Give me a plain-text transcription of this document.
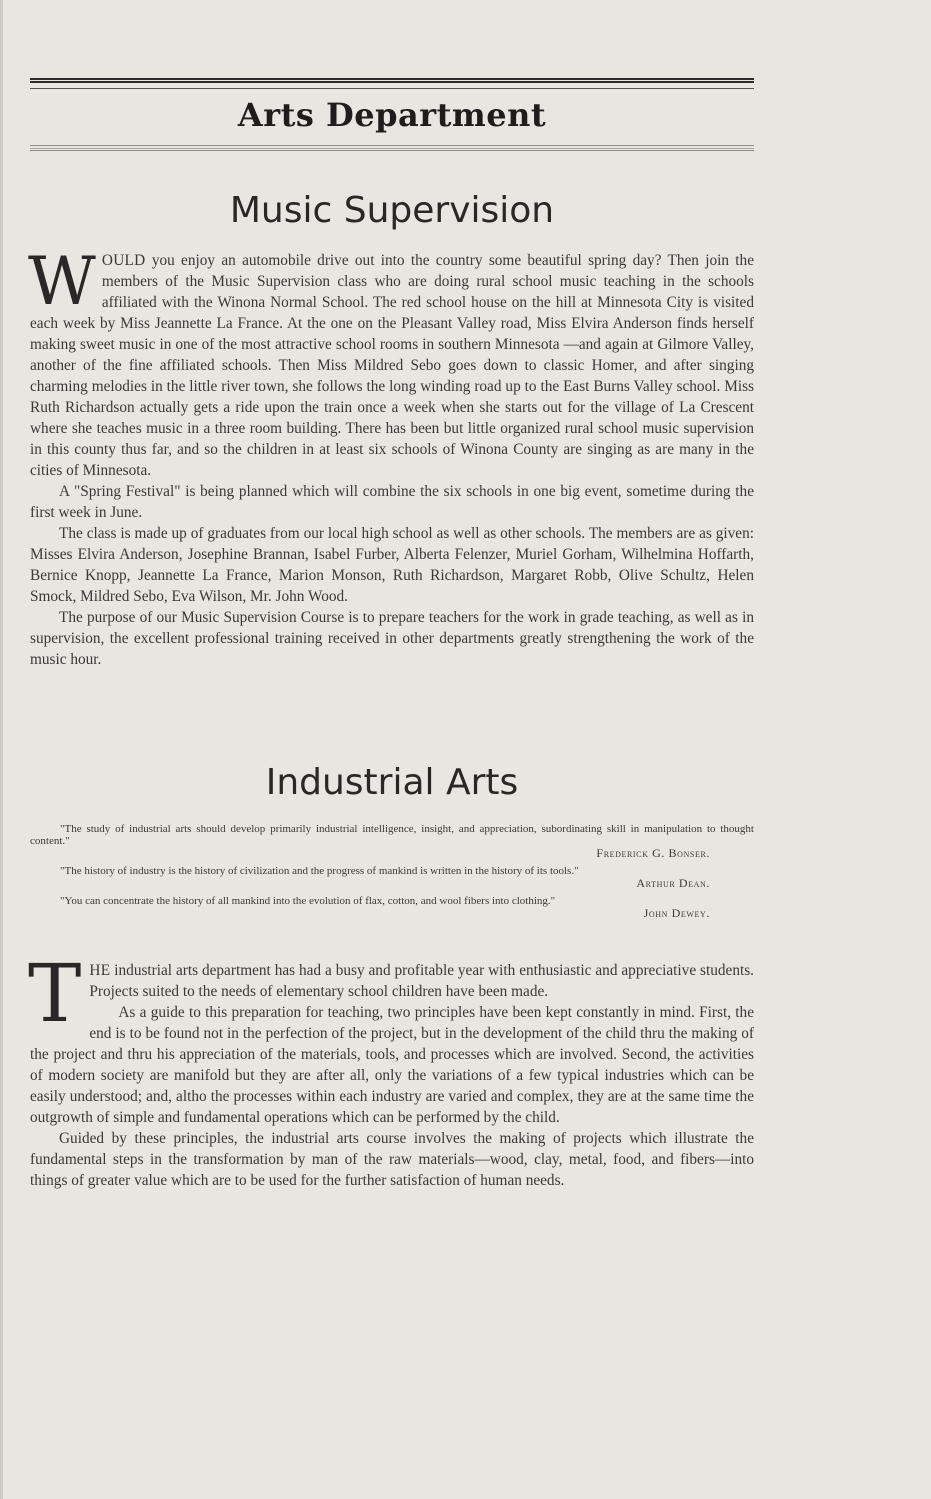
Arts Department
Music Supervision

WOULD you enjoy an automobile drive out into the country some beautiful spring day? Then join the members of the Music Supervision class who are doing rural school music teaching in the schools affiliated with the Winona Normal School. The red school house on the hill at Minnesota City is visited each week by Miss Jeannette La France. At the one on the Pleasant Valley road, Miss Elvira Anderson finds herself making sweet music in one of the most attractive school rooms in southern Minnesota —and again at Gilmore Valley, another of the fine affiliated schools. Then Miss Mildred Sebo goes down to classic Homer, and after singing charming melodies in the little river town, she follows the long winding road up to the East Burns Valley school. Miss Ruth Richardson actually gets a ride upon the train once a week when she starts out for the village of La Crescent where she teaches music in a three room building. There has been but little organized rural school music supervision in this county thus far, and so the children in at least six schools of Winona County are singing as are many in the cities of Minnesota.

A "Spring Festival" is being planned which will combine the six schools in one big event, sometime during the first week in June.

The class is made up of graduates from our local high school as well as other schools. The members are as given: Misses Elvira Anderson, Josephine Brannan, Isabel Furber, Alberta Felenzer, Muriel Gorham, Wilhelmina Hoffarth, Bernice Knopp, Jeannette La France, Marion Monson, Ruth Richardson, Margaret Robb, Olive Schultz, Helen Smock, Mildred Sebo, Eva Wilson, Mr. John Wood.

The purpose of our Music Supervision Course is to prepare teachers for the work in grade teaching, as well as in supervision, the excellent professional training received in other departments greatly strengthening the work of the music hour.

Industrial Arts
"The study of industrial arts should develop primarily industrial intelligence, insight, and appreciation, subordinating skill in manipulation to thought content."
Frederick G. Bonser.
"The history of industry is the history of civilization and the progress of mankind is written in the history of its tools."
Arthur Dean.
"You can concentrate the history of all mankind into the evolution of flax, cotton, and wool fibers into clothing."
John Dewey.

THE industrial arts department has had a busy and profitable year with enthusiastic and appreciative students. Projects suited to the needs of elementary school children have been made.

As a guide to this preparation for teaching, two principles have been kept constantly in mind. First, the end is to be found not in the perfection of the project, but in the development of the child thru the making of the project and thru his appreciation of the materials, tools, and processes which are involved. Second, the activities of modern society are manifold but they are after all, only the variations of a few typical industries which can be easily understood; and, altho the processes within each industry are varied and complex, they are at the same time the outgrowth of simple and fundamental operations which can be performed by the child.

Guided by these principles, the industrial arts course involves the making of projects which illustrate the fundamental steps in the transformation by man of the raw materials—wood, clay, metal, food, and fibers—into things of greater value which are to be used for the further satisfaction of human needs.
